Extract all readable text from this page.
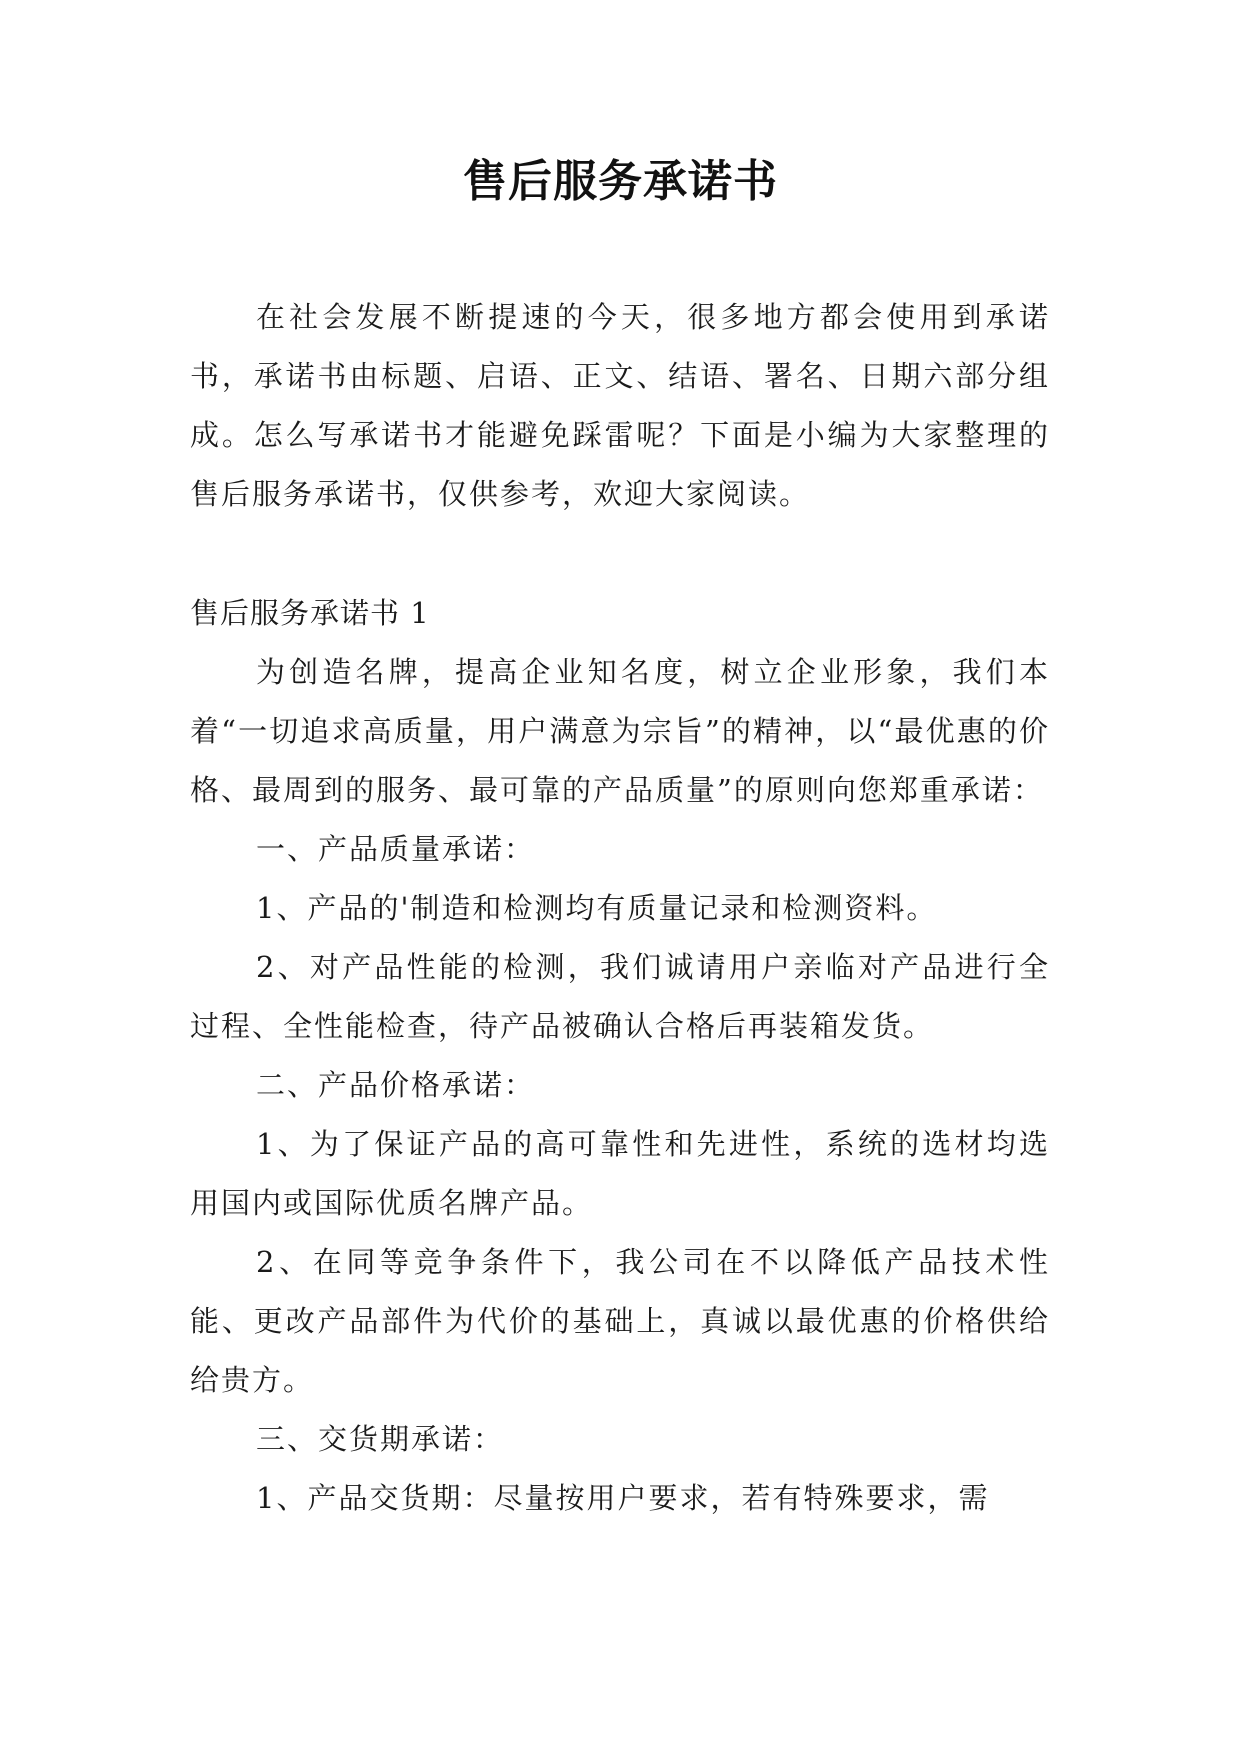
售后服务承诺书

在社会发展不断提速的今天，很多地方都会使用到承诺书，承诺书由标题、启语、正文、结语、署名、日期六部分组成。怎么写承诺书才能避免踩雷呢？下面是小编为大家整理的售后服务承诺书，仅供参考，欢迎大家阅读。

售后服务承诺书 1

为创造名牌，提高企业知名度，树立企业形象，我们本着“一切追求高质量，用户满意为宗旨”的精神，以“最优惠的价格、最周到的服务、最可靠的产品质量”的原则向您郑重承诺：

一、产品质量承诺：

1、产品的'制造和检测均有质量记录和检测资料。

2、对产品性能的检测，我们诚请用户亲临对产品进行全过程、全性能检查，待产品被确认合格后再装箱发货。

二、产品价格承诺：

1、为了保证产品的高可靠性和先进性，系统的选材均选用国内或国际优质名牌产品。

2、在同等竞争条件下，我公司在不以降低产品技术性能、更改产品部件为代价的基础上，真诚以最优惠的价格供给给贵方。

三、交货期承诺：

1、产品交货期：尽量按用户要求，若有特殊要求，需
